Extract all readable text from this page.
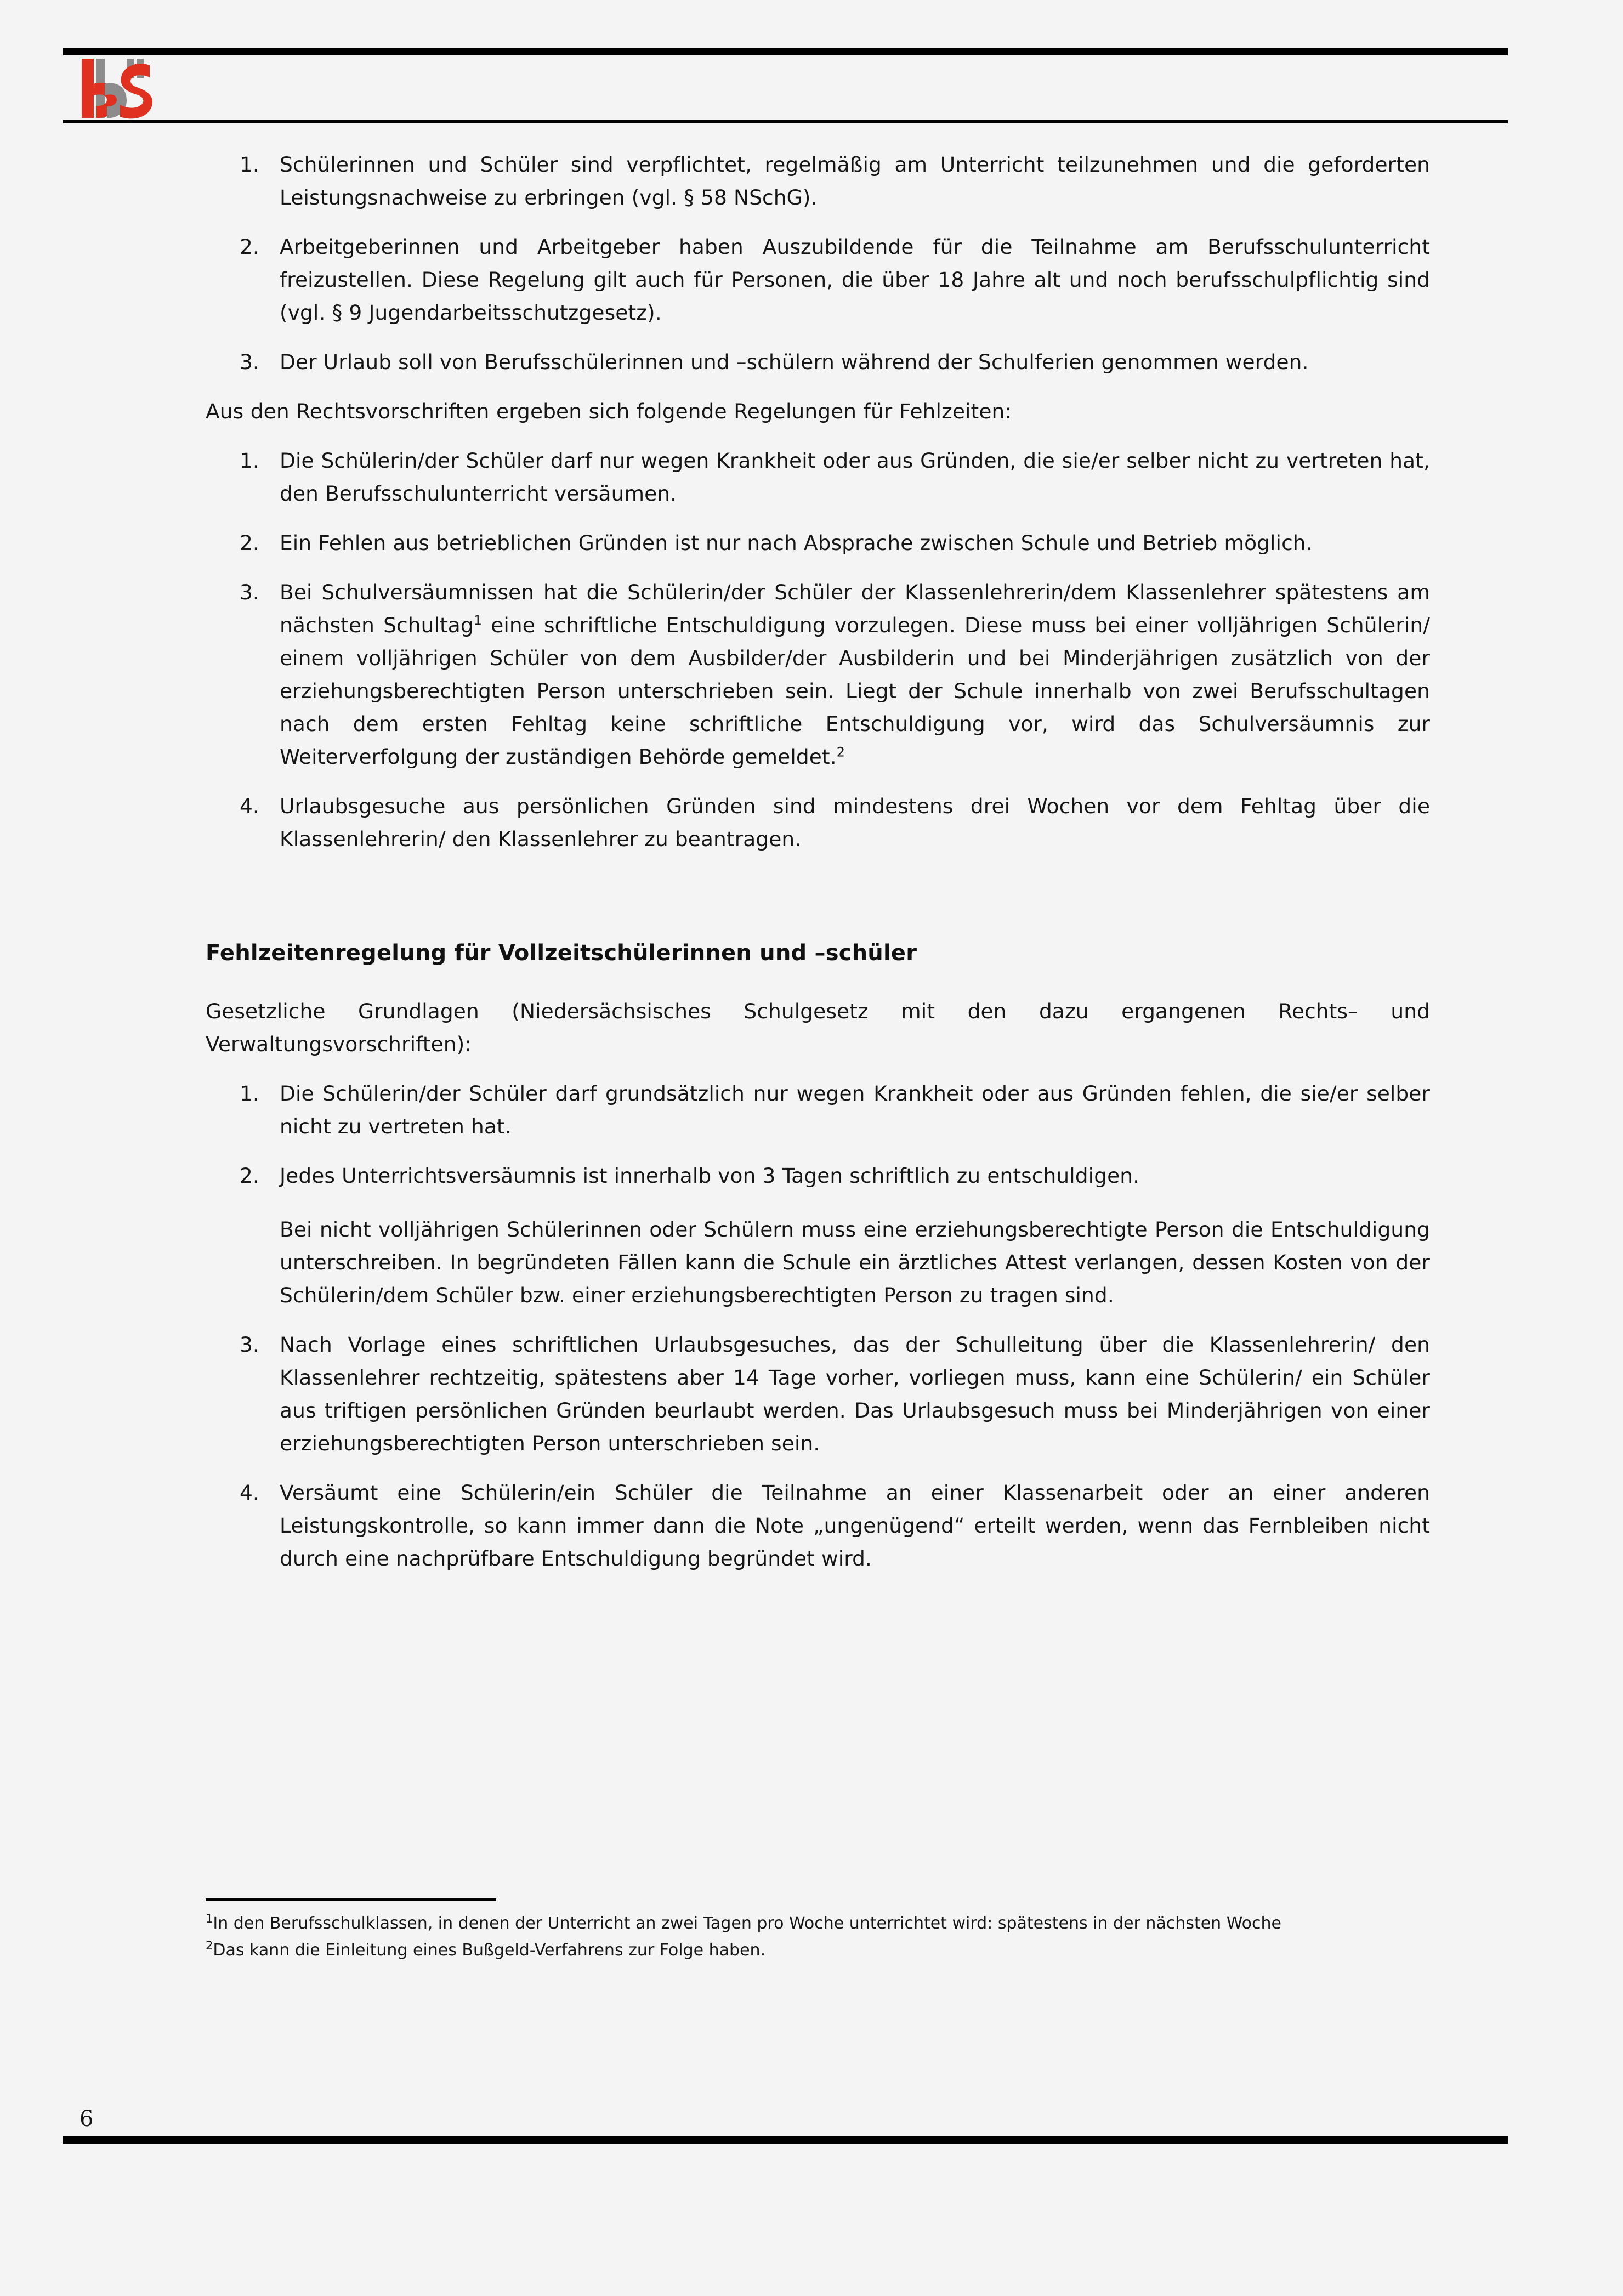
1. Schülerinnen und Schüler sind verpflichtet, regelmäßig am Unterricht teilzunehmen und die geforderten Leistungsnachweise zu erbringen (vgl. § 58 NSchG).
2. Arbeitgeberinnen und Arbeitgeber haben Auszubildende für die Teilnahme am Berufsschulunterricht freizustellen. Diese Regelung gilt auch für Personen, die über 18 Jahre alt und noch berufsschulpflichtig sind (vgl. § 9 Jugendarbeitsschutzgesetz).
3. Der Urlaub soll von Berufsschülerinnen und –schülern während der Schulferien genommen werden.

Aus den Rechtsvorschriften ergeben sich folgende Regelungen für Fehlzeiten:

1. Die Schülerin/der Schüler darf nur wegen Krankheit oder aus Gründen, die sie/er selber nicht zu vertreten hat, den Berufsschulunterricht versäumen.
2. Ein Fehlen aus betrieblichen Gründen ist nur nach Absprache zwischen Schule und Betrieb möglich.
3. Bei Schulversäumnissen hat die Schülerin/der Schüler der Klassenlehrerin/dem Klassenlehrer spätestens am nächsten Schultag$^1$ eine schriftliche Entschuldigung vorzulegen. Diese muss bei einer volljährigen Schülerin/ einem volljährigen Schüler von dem Ausbilder/der Ausbilderin und bei Minderjährigen zusätzlich von der erziehungsberechtigten Person unterschrieben sein. Liegt der Schule innerhalb von zwei Berufsschultagen nach dem ersten Fehltag keine schriftliche Entschuldigung vor, wird das Schulversäumnis zur Weiterverfolgung der zuständigen Behörde gemeldet.$^2$
4. Urlaubsgesuche aus persönlichen Gründen sind mindestens drei Wochen vor dem Fehltag über die Klassenlehrerin/ den Klassenlehrer zu beantragen.
Fehlzeitenregelung für Vollzeitschülerinnen und –schüler

Gesetzliche Grundlagen (Niedersächsisches Schulgesetz mit den dazu ergangenen Rechts– und Verwaltungsvorschriften):

1. Die Schülerin/der Schüler darf grundsätzlich nur wegen Krankheit oder aus Gründen fehlen, die sie/er selber nicht zu vertreten hat.
2. Jedes Unterrichtsversäumnis ist innerhalb von 3 Tagen schriftlich zu entschuldigen.
Bei nicht volljährigen Schülerinnen oder Schülern muss eine erziehungsberechtigte Person die Entschuldigung unterschreiben. In begründeten Fällen kann die Schule ein ärztliches Attest verlangen, dessen Kosten von der Schülerin/dem Schüler bzw. einer erziehungsberechtigten Person zu tragen sind.
3. Nach Vorlage eines schriftlichen Urlaubsgesuches, das der Schulleitung über die Klassenlehrerin/ den Klassenlehrer rechtzeitig, spätestens aber 14 Tage vorher, vorliegen muss, kann eine Schülerin/ ein Schüler aus triftigen persönlichen Gründen beurlaubt werden. Das Urlaubsgesuch muss bei Minderjährigen von einer erziehungsberechtigten Person unterschrieben sein.
4. Versäumt eine Schülerin/ein Schüler die Teilnahme an einer Klassenarbeit oder an einer anderen Leistungskontrolle, so kann immer dann die Note „ungenügend“ erteilt werden, wenn das Fernbleiben nicht durch eine nachprüfbare Entschuldigung begründet wird.

$^1$In den Berufsschulklassen, in denen der Unterricht an zwei Tagen pro Woche unterrichtet wird: spätestens in der nächsten Woche

$^2$Das kann die Einleitung eines Bußgeld-Verfahrens zur Folge haben.

6
